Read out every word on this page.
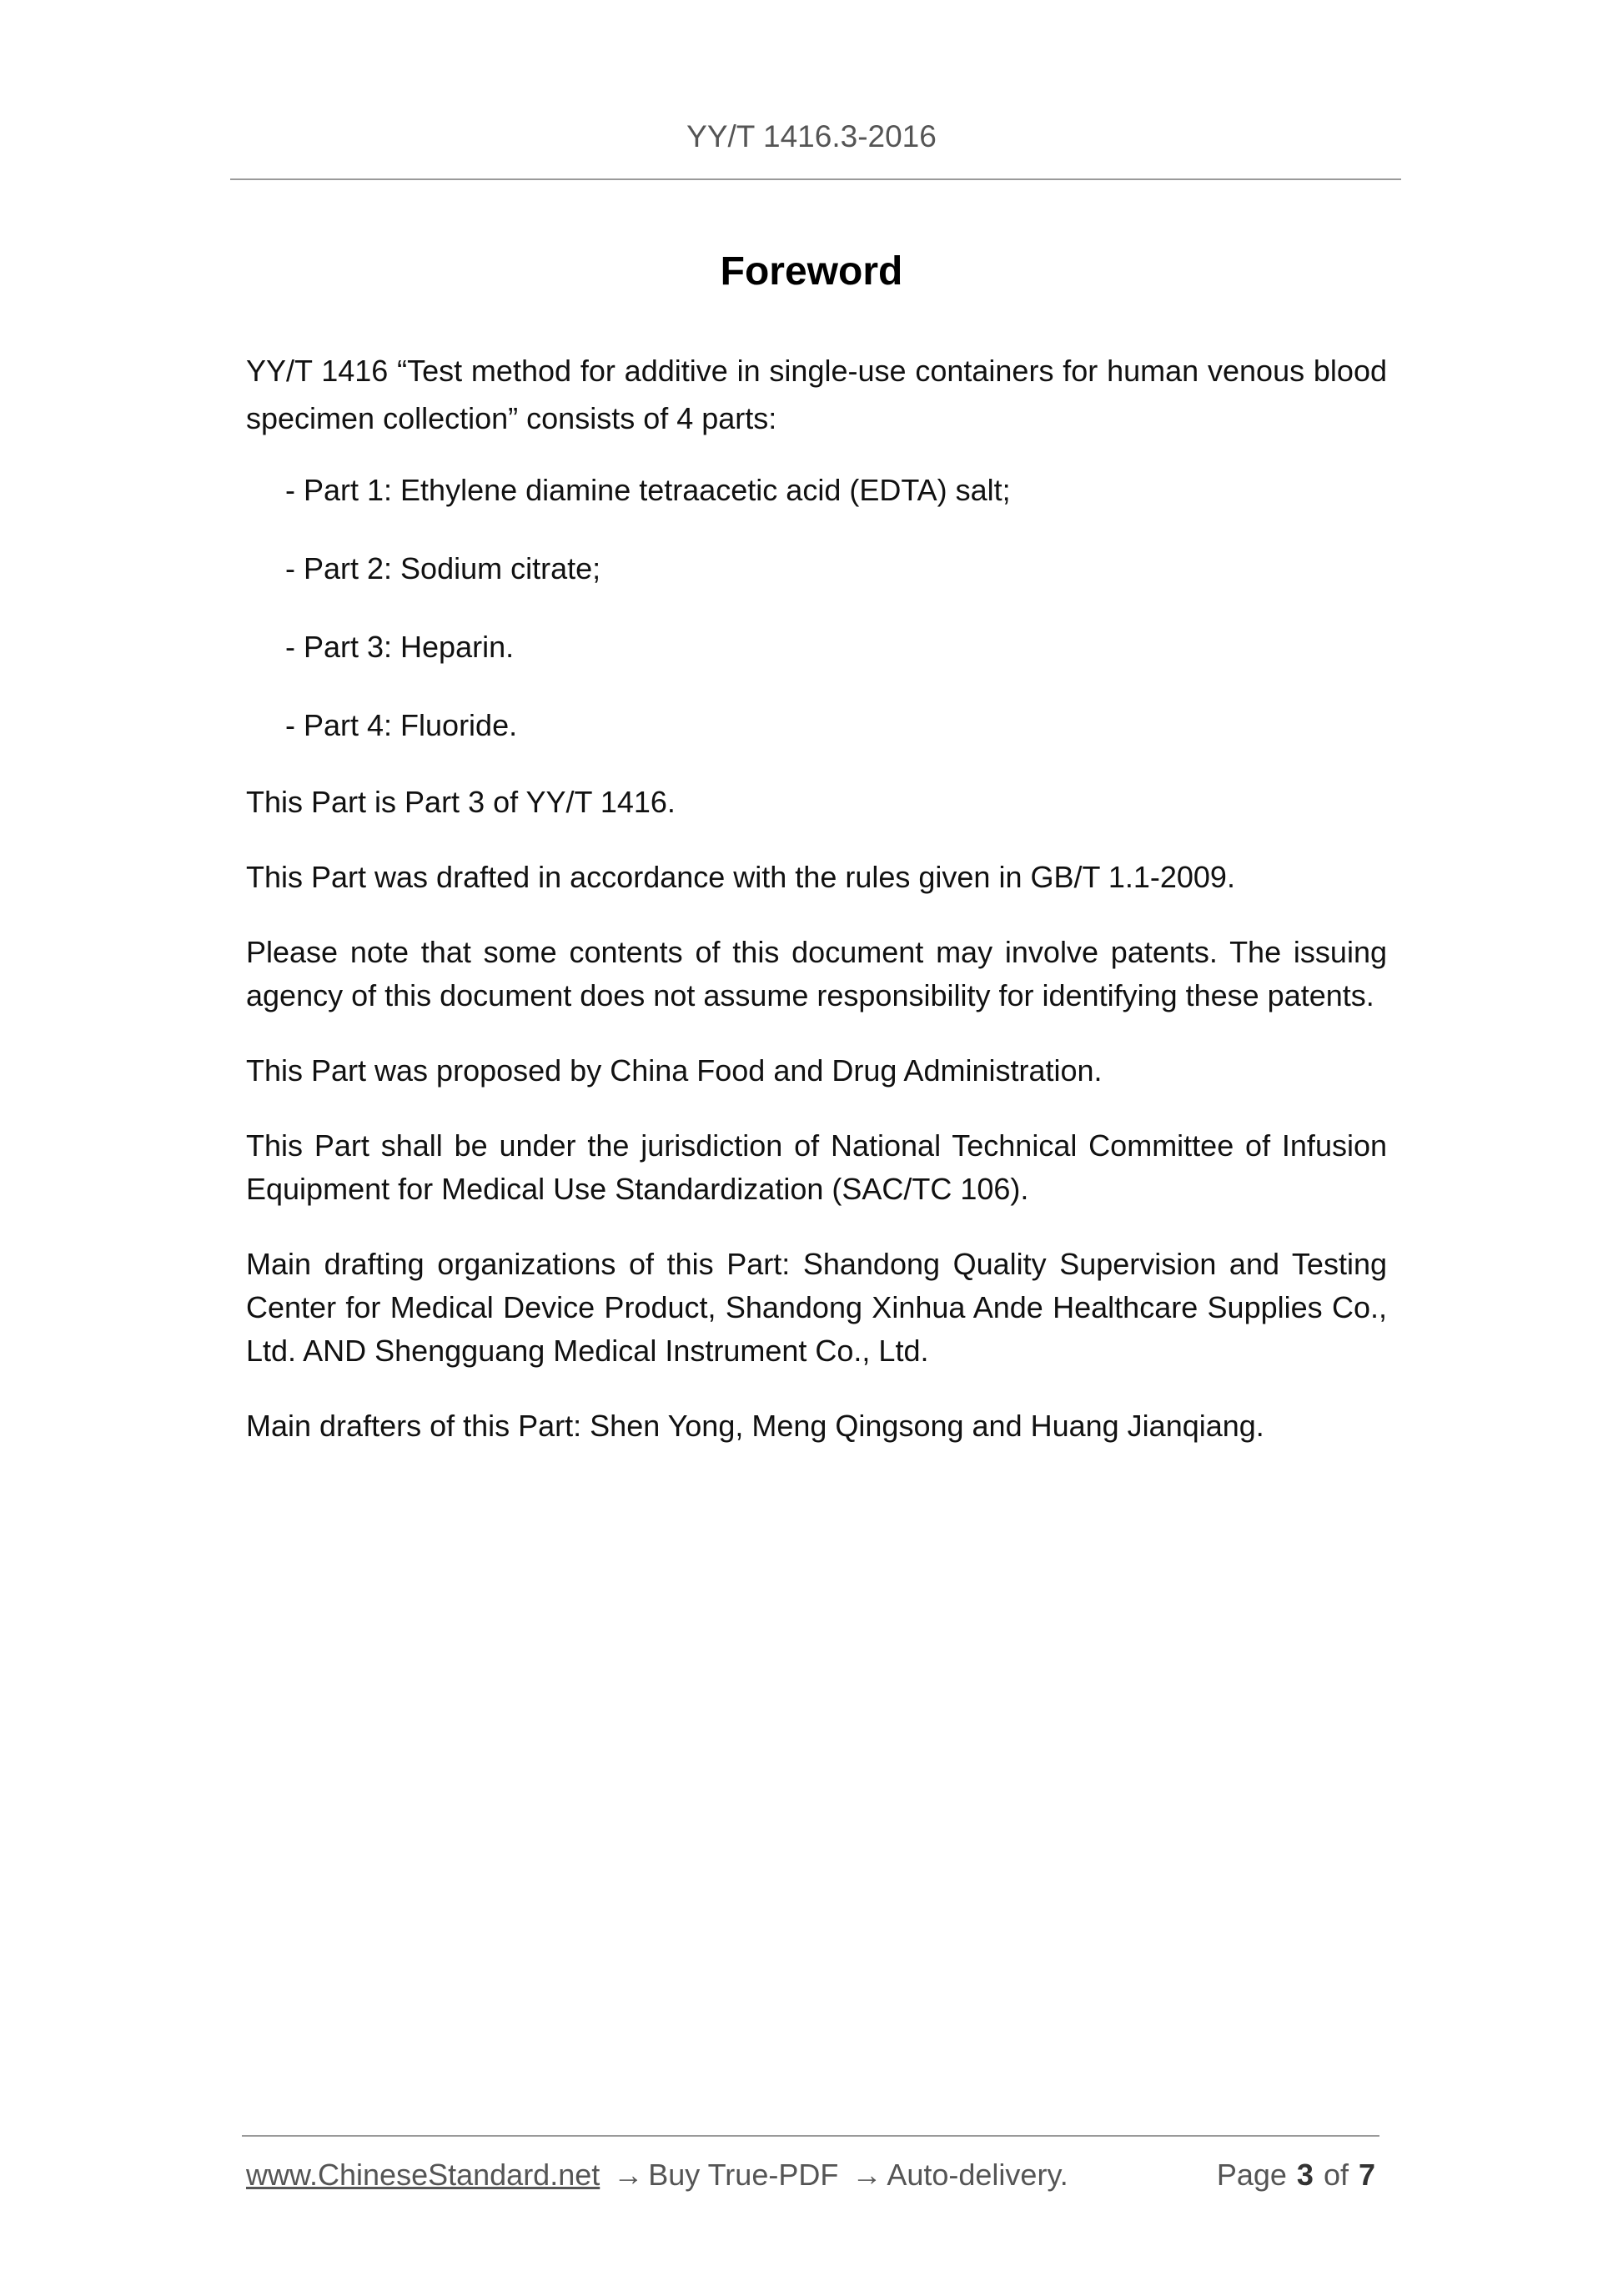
YY/T 1416.3-2016
Foreword

YY/T 1416 “Test method for additive in single-use containers for human venous blood specimen collection” consists of 4 parts:

- Part 1: Ethylene diamine tetraacetic acid (EDTA) salt;

- Part 2: Sodium citrate;

- Part 3: Heparin.

- Part 4: Fluoride.

This Part is Part 3 of YY/T 1416.

This Part was drafted in accordance with the rules given in GB/T 1.1-2009.

Please note that some contents of this document may involve patents. The issuing agency of this document does not assume responsibility for identifying these patents.

This Part was proposed by China Food and Drug Administration.

This Part shall be under the jurisdiction of National Technical Committee of Infusion Equipment for Medical Use Standardization (SAC/TC 106).

Main drafting organizations of this Part: Shandong Quality Supervision and Testing Center for Medical Device Product, Shandong Xinhua Ande Healthcare Supplies Co., Ltd. AND Shengguang Medical Instrument Co., Ltd.

Main drafters of this Part: Shen Yong, Meng Qingsong and Huang Jianqiang.

www.ChineseStandard.net → Buy True-PDF → Auto-delivery.	Page 3 of 7
